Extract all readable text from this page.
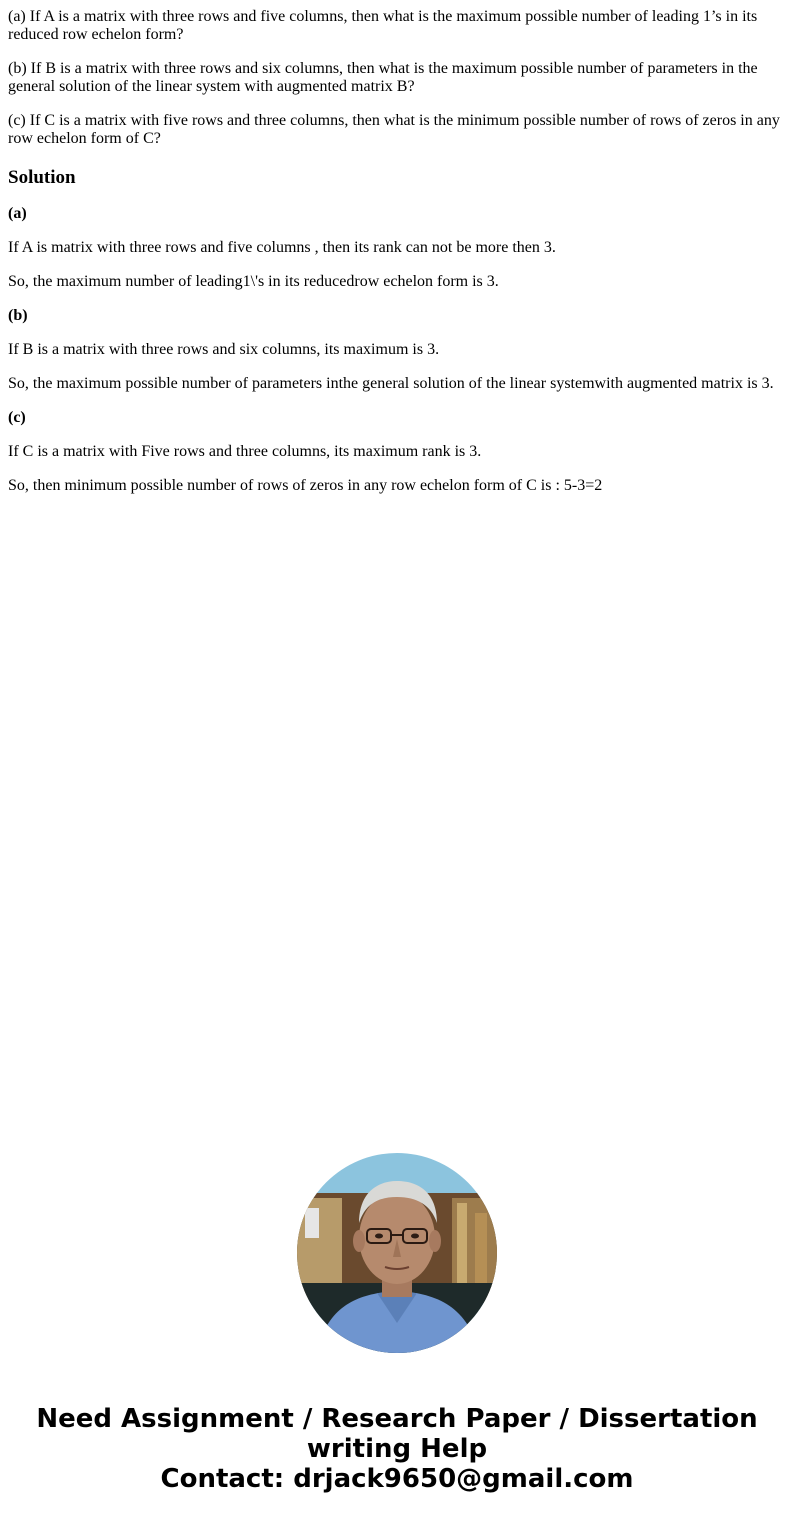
(a) If A is a matrix with three rows and five columns, then what is the maximum possible number of leading 1’s in its reduced row echelon form?

(b) If B is a matrix with three rows and six columns, then what is the maximum possible number of parameters in the general solution of the linear system with augmented matrix B?

(c) If C is a matrix with five rows and three columns, then what is the minimum possible number of rows of zeros in any row echelon form of C?

Solution

(a)

If A is matrix with three rows and five columns , then its rank can not be more then 3.

So, the maximum number of leading1\'s in its reducedrow echelon form is 3.

(b)

If B is a matrix with three rows and six columns, its maximum is 3.

So, the maximum possible number of parameters inthe general solution of the linear systemwith augmented matrix is 3.

(c)

If C is a matrix with Five rows and three columns, its maximum rank is 3.

So, then minimum possible number of rows of zeros in any row echelon form of C is : 5-3=2

Need Assignment / Research Paper / Dissertation
writing Help
Contact: drjack9650@gmail.com
